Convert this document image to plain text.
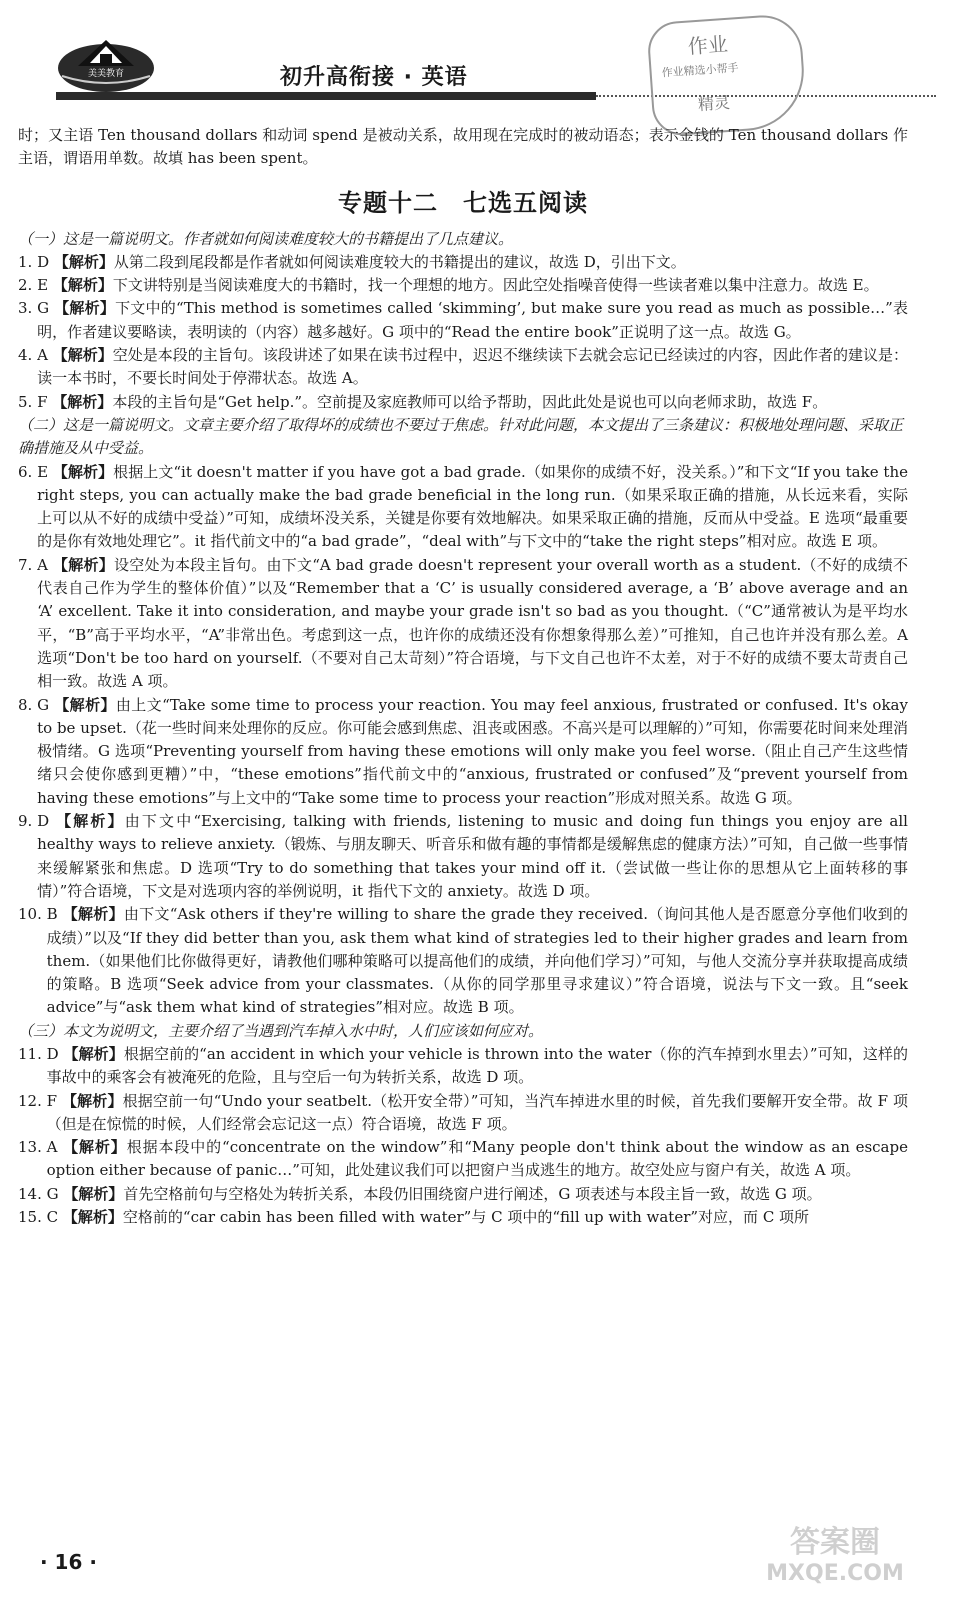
美美教育	初升高衔接 · 英语
作业
作业精选小帮手
精灵

时；又主语 Ten thousand dollars 和动词 spend 是被动关系，故用现在完成时的被动语态；表示金钱的 Ten thousand dollars 作主语，谓语用单数。故填 has been spent。

专题十二　七选五阅读

（一）这是一篇说明文。作者就如何阅读难度较大的书籍提出了几点建议。

1. D 【解析】从第二段到尾段都是作者就如何阅读难度较大的书籍提出的建议，故选 D，引出下文。
2. E 【解析】下文讲特别是当阅读难度大的书籍时，找一个理想的地方。因此空处指噪音使得一些读者难以集中注意力。故选 E。
3. G 【解析】下文中的“This method is sometimes called ‘skimming’, but make sure you read as much as possible…”表明，作者建议要略读，表明读的（内容）越多越好。G 项中的“Read the entire book”正说明了这一点。故选 G。
4. A 【解析】空处是本段的主旨句。该段讲述了如果在读书过程中，迟迟不继续读下去就会忘记已经读过的内容，因此作者的建议是：读一本书时，不要长时间处于停滞状态。故选 A。
5. F 【解析】本段的主旨句是“Get help.”。空前提及家庭教师可以给予帮助，因此此处是说也可以向老师求助，故选 F。

（二）这是一篇说明文。文章主要介绍了取得坏的成绩也不要过于焦虑。针对此问题，本文提出了三条建议：积极地处理问题、采取正确措施及从中受益。

6. E 【解析】根据上文“it doesn't matter if you have got a bad grade.（如果你的成绩不好，没关系。）”和下文“If you take the right steps, you can actually make the bad grade beneficial in the long run.（如果采取正确的措施，从长远来看，实际上可以从不好的成绩中受益）”可知，成绩坏没关系，关键是你要有效地解决。如果采取正确的措施，反而从中受益。E 选项“最重要的是你有效地处理它”。it 指代前文中的“a bad grade”，“deal with”与下文中的“take the right steps”相对应。故选 E 项。
7. A 【解析】设空处为本段主旨句。由下文“A bad grade doesn't represent your overall worth as a student.（不好的成绩不代表自己作为学生的整体价值）”以及“Remember that a ‘C’ is usually considered average, a ‘B’ above average and an ‘A’ excellent. Take it into consideration, and maybe your grade isn't so bad as you thought.（“C”通常被认为是平均水平，“B”高于平均水平，“A”非常出色。考虑到这一点，也许你的成绩还没有你想象得那么差）”可推知，自己也许并没有那么差。A 选项“Don't be too hard on yourself.（不要对自己太苛刻）”符合语境，与下文自己也许不太差，对于不好的成绩不要太苛责自己相一致。故选 A 项。
8. G 【解析】由上文“Take some time to process your reaction. You may feel anxious, frustrated or confused. It's okay to be upset.（花一些时间来处理你的反应。你可能会感到焦虑、沮丧或困惑。不高兴是可以理解的）”可知，你需要花时间来处理消极情绪。G 选项“Preventing yourself from having these emotions will only make you feel worse.（阻止自己产生这些情绪只会使你感到更糟）”中，“these emotions”指代前文中的“anxious, frustrated or confused”及“prevent yourself from having these emotions”与上文中的“Take some time to process your reaction”形成对照关系。故选 G 项。
9. D 【解析】由下文中“Exercising, talking with friends, listening to music and doing fun things you enjoy are all healthy ways to relieve anxiety.（锻炼、与朋友聊天、听音乐和做有趣的事情都是缓解焦虑的健康方法）”可知，自己做一些事情来缓解紧张和焦虑。D 选项“Try to do something that takes your mind off it.（尝试做一些让你的思想从它上面转移的事情）”符合语境，下文是对选项内容的举例说明，it 指代下文的 anxiety。故选 D 项。
10. B 【解析】由下文“Ask others if they're willing to share the grade they received.（询问其他人是否愿意分享他们收到的成绩）”以及“If they did better than you, ask them what kind of strategies led to their higher grades and learn from them.（如果他们比你做得更好，请教他们哪种策略可以提高他们的成绩，并向他们学习）”可知，与他人交流分享并获取提高成绩的策略。B 选项“Seek advice from your classmates.（从你的同学那里寻求建议）”符合语境，说法与下文一致。且“seek advice”与“ask them what kind of strategies”相对应。故选 B 项。

（三）本文为说明文，主要介绍了当遇到汽车掉入水中时，人们应该如何应对。

11. D 【解析】根据空前的“an accident in which your vehicle is thrown into the water（你的汽车掉到水里去）”可知，这样的事故中的乘客会有被淹死的危险，且与空后一句为转折关系，故选 D 项。
12. F 【解析】根据空前一句“Undo your seatbelt.（松开安全带）”可知，当汽车掉进水里的时候，首先我们要解开安全带。故 F 项（但是在惊慌的时候，人们经常会忘记这一点）符合语境，故选 F 项。
13. A 【解析】根据本段中的“concentrate on the window”和“Many people don't think about the window as an escape option either because of panic…”可知，此处建议我们可以把窗户当成逃生的地方。故空处应与窗户有关，故选 A 项。
14. G 【解析】首先空格前句与空格处为转折关系，本段仍旧围绕窗户进行阐述，G 项表述与本段主旨一致，故选 G 项。
15. C 【解析】空格前的“car cabin has been filled with water”与 C 项中的“fill up with water”对应，而 C 项所
· 16 ·
答案圈
MXQE.COM
